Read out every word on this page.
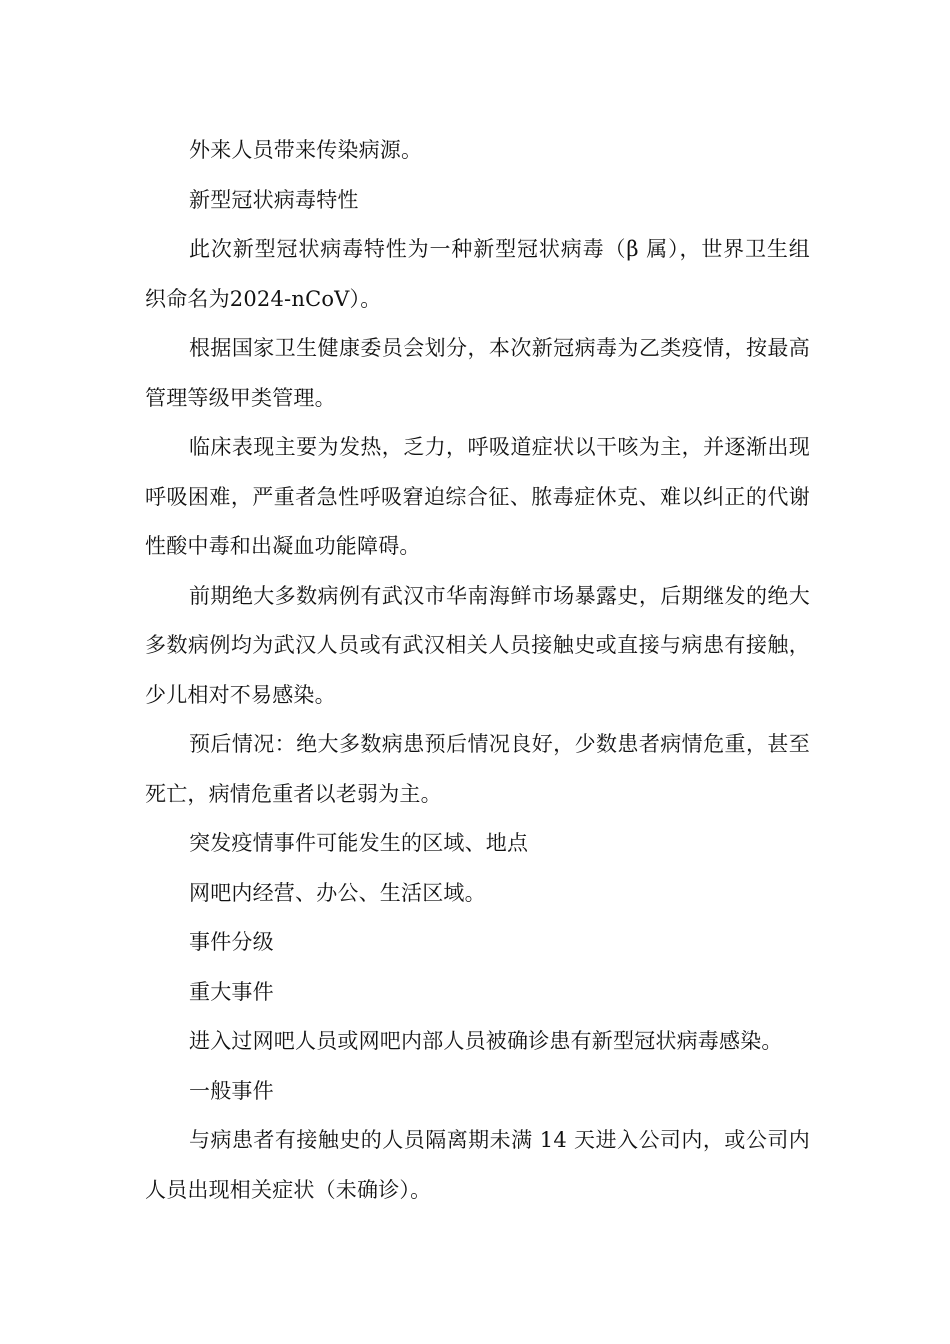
外来人员带来传染病源。

新型冠状病毒特性

此次新型冠状病毒特性为一种新型冠状病毒（β 属），世界卫生组织命名为2024-nCoV）。

根据国家卫生健康委员会划分，本次新冠病毒为乙类疫情，按最高管理等级甲类管理。

临床表现主要为发热，乏力，呼吸道症状以干咳为主，并逐渐出现呼吸困难，严重者急性呼吸窘迫综合征、脓毒症休克、难以纠正的代谢性酸中毒和出凝血功能障碍。

前期绝大多数病例有武汉市华南海鲜市场暴露史，后期继发的绝大多数病例均为武汉人员或有武汉相关人员接触史或直接与病患有接触，少儿相对不易感染。

预后情况：绝大多数病患预后情况良好，少数患者病情危重，甚至死亡，病情危重者以老弱为主。

突发疫情事件可能发生的区域、地点

网吧内经营、办公、生活区域。

事件分级

重大事件

进入过网吧人员或网吧内部人员被确诊患有新型冠状病毒感染。

一般事件

与病患者有接触史的人员隔离期未满 14 天进入公司内，或公司内人员出现相关症状（未确诊）。
